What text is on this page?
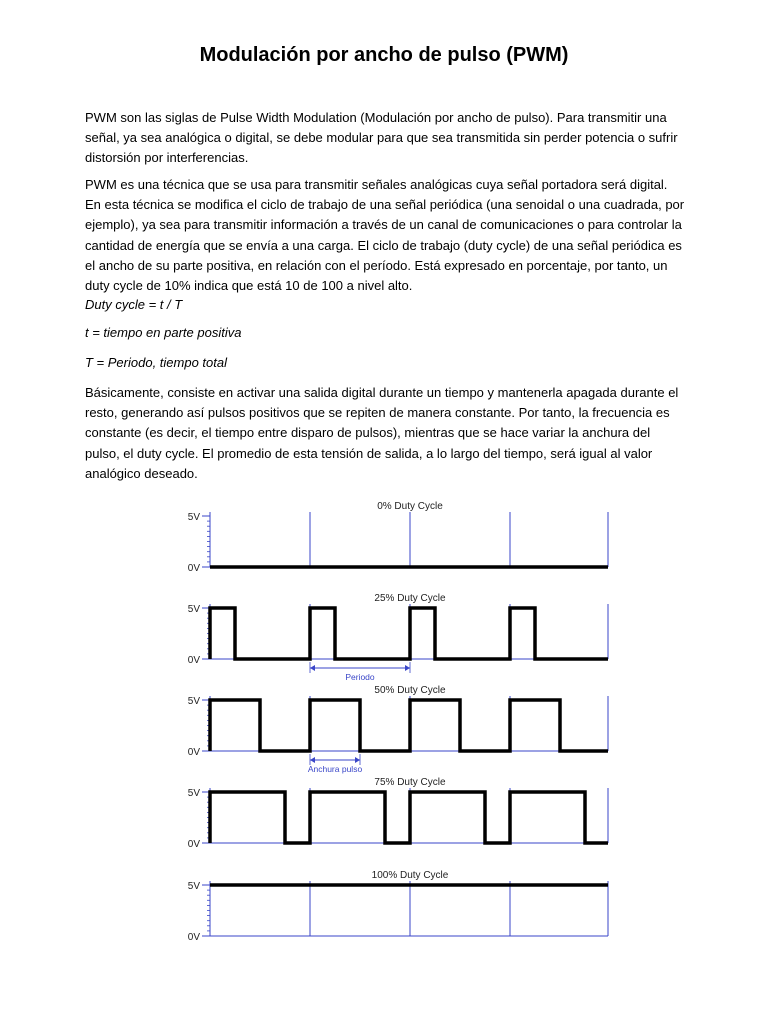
Modulación por ancho de pulso (PWM)

PWM son las siglas de Pulse Width Modulation (Modulación por ancho de pulso). Para transmitir una señal, ya sea analógica o digital, se debe modular para que sea transmitida sin perder potencia o sufrir distorsión por interferencias.

PWM es una técnica que se usa para transmitir señales analógicas cuya señal portadora será digital. En esta técnica se modifica el ciclo de trabajo de una señal periódica (una senoidal o una cuadrada, por ejemplo), ya sea para transmitir información a través de un canal de comunicaciones o para controlar la cantidad de energía que se envía a una carga. El ciclo de trabajo (duty cycle) de una señal periódica es el ancho de su parte positiva, en relación con el período. Está expresado en porcentaje, por tanto, un duty cycle de 10% indica que está 10 de 100 a nivel alto.

Duty cycle = t / T

t = tiempo en parte positiva

T = Periodo, tiempo total

Básicamente, consiste en activar una salida digital durante un tiempo y mantenerla apagada durante el resto, generando así pulsos positivos que se repiten de manera constante. Por tanto, la frecuencia es constante (es decir, el tiempo entre disparo de pulsos), mientras que se hace variar la anchura del pulso, el duty cycle. El promedio de esta tensión de salida, a lo largo del tiempo, será igual al valor analógico deseado.

0% Duty Cycle
5V
0V
25% Duty Cycle
5V
0V
Periodo
50% Duty Cycle
5V
0V
Anchura pulso
75% Duty Cycle
5V
0V
100% Duty Cycle
5V
0V
